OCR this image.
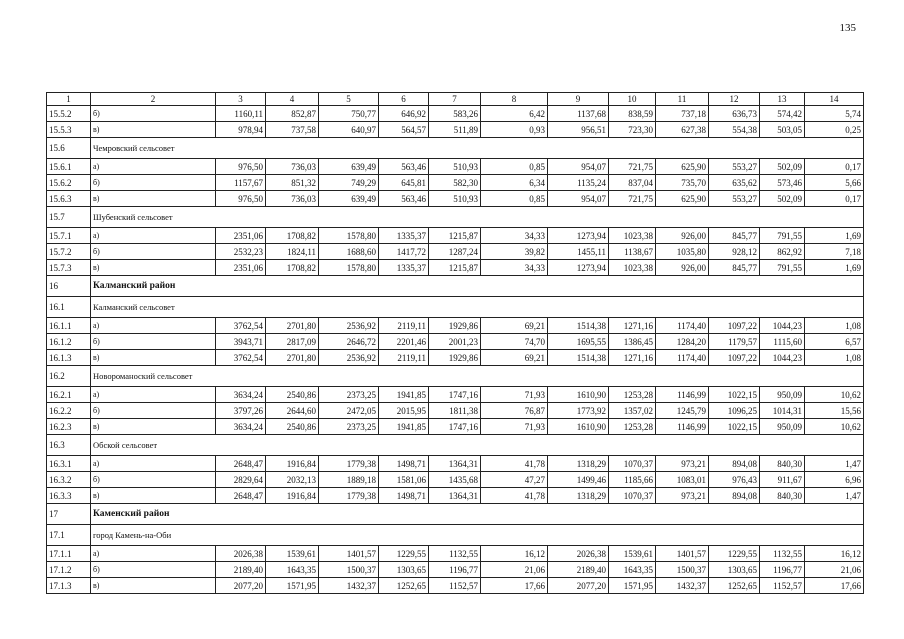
135
1	2	3	4	5	6	7	8	9	10	11	12	13	14
15.5.2	б)	1160,11	852,87	750,77	646,92	583,26	6,42	1137,68	838,59	737,18	636,73	574,42	5,74
15.5.3	в)	978,94	737,58	640,97	564,57	511,89	0,93	956,51	723,30	627,38	554,38	503,05	0,25
15.6	Чемровский сельсовет												
15.6.1	а)	976,50	736,03	639,49	563,46	510,93	0,85	954,07	721,75	625,90	553,27	502,09	0,17
15.6.2	б)	1157,67	851,32	749,29	645,81	582,30	6,34	1135,24	837,04	735,70	635,62	573,46	5,66
15.6.3	в)	976,50	736,03	639,49	563,46	510,93	0,85	954,07	721,75	625,90	553,27	502,09	0,17
15.7	Шубенский сельсовет												
15.7.1	а)	2351,06	1708,82	1578,80	1335,37	1215,87	34,33	1273,94	1023,38	926,00	845,77	791,55	1,69
15.7.2	б)	2532,23	1824,11	1688,60	1417,72	1287,24	39,82	1455,11	1138,67	1035,80	928,12	862,92	7,18
15.7.3	в)	2351,06	1708,82	1578,80	1335,37	1215,87	34,33	1273,94	1023,38	926,00	845,77	791,55	1,69
16	Калманский район												
16.1	Калманский сельсовет												
16.1.1	а)	3762,54	2701,80	2536,92	2119,11	1929,86	69,21	1514,38	1271,16	1174,40	1097,22	1044,23	1,08
16.1.2	б)	3943,71	2817,09	2646,72	2201,46	2001,23	74,70	1695,55	1386,45	1284,20	1179,57	1115,60	6,57
16.1.3	в)	3762,54	2701,80	2536,92	2119,11	1929,86	69,21	1514,38	1271,16	1174,40	1097,22	1044,23	1,08
16.2	Новороманоский сельсовет												
16.2.1	а)	3634,24	2540,86	2373,25	1941,85	1747,16	71,93	1610,90	1253,28	1146,99	1022,15	950,09	10,62
16.2.2	б)	3797,26	2644,60	2472,05	2015,95	1811,38	76,87	1773,92	1357,02	1245,79	1096,25	1014,31	15,56
16.2.3	в)	3634,24	2540,86	2373,25	1941,85	1747,16	71,93	1610,90	1253,28	1146,99	1022,15	950,09	10,62
16.3	Обской сельсовет												
16.3.1	а)	2648,47	1916,84	1779,38	1498,71	1364,31	41,78	1318,29	1070,37	973,21	894,08	840,30	1,47
16.3.2	б)	2829,64	2032,13	1889,18	1581,06	1435,68	47,27	1499,46	1185,66	1083,01	976,43	911,67	6,96
16.3.3	в)	2648,47	1916,84	1779,38	1498,71	1364,31	41,78	1318,29	1070,37	973,21	894,08	840,30	1,47
17	Каменский район												
17.1	город Камень-на-Оби												
17.1.1	а)	2026,38	1539,61	1401,57	1229,55	1132,55	16,12	2026,38	1539,61	1401,57	1229,55	1132,55	16,12
17.1.2	б)	2189,40	1643,35	1500,37	1303,65	1196,77	21,06	2189,40	1643,35	1500,37	1303,65	1196,77	21,06
17.1.3	в)	2077,20	1571,95	1432,37	1252,65	1152,57	17,66	2077,20	1571,95	1432,37	1252,65	1152,57	17,66
